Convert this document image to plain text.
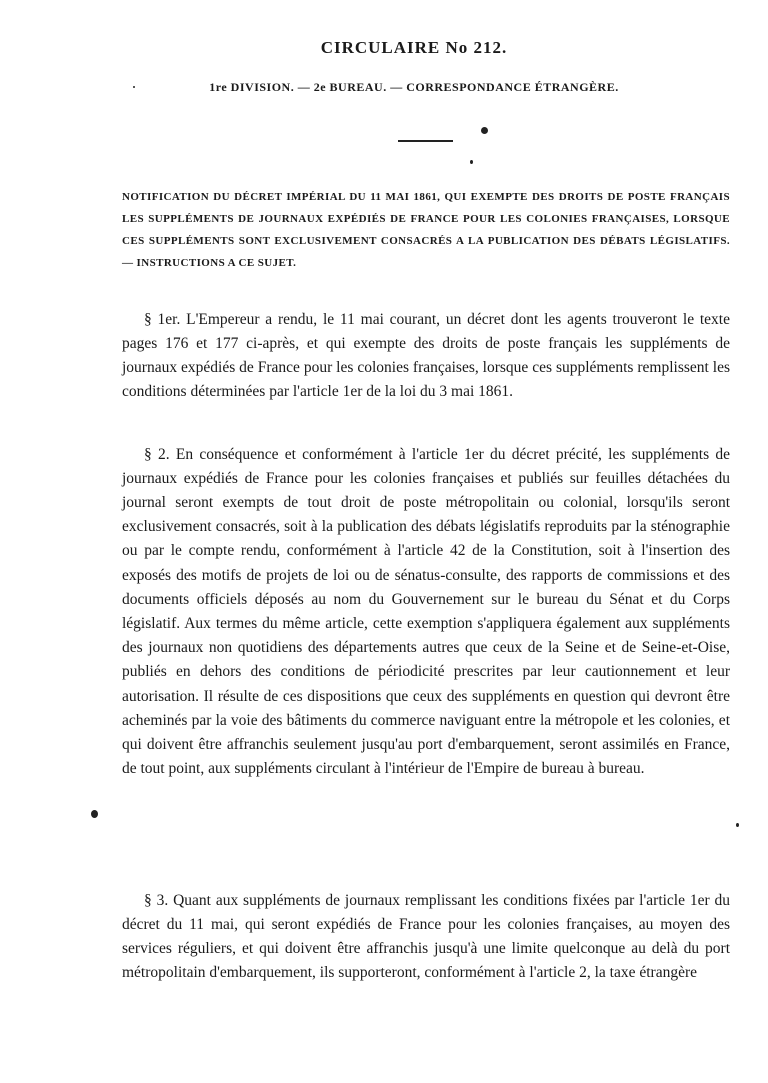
CIRCULAIRE No 212.
1re DIVISION. — 2e BUREAU. — CORRESPONDANCE ÉTRANGÈRE.
NOTIFICATION DU DÉCRET IMPÉRIAL DU 11 MAI 1861, QUI EXEMPTE DES DROITS DE POSTE FRANÇAIS LES SUPPLÉMENTS DE JOURNAUX EXPÉDIÉS DE FRANCE POUR LES COLONIES FRANÇAISES, LORSQUE CES SUPPLÉMENTS SONT EXCLUSIVEMENT CONSACRÉS A LA PUBLICATION DES DÉBATS LÉGISLATIFS. — INSTRUCTIONS A CE SUJET.

§ 1er. L'Empereur a rendu, le 11 mai courant, un décret dont les agents trouveront le texte pages 176 et 177 ci-après, et qui exempte des droits de poste français les suppléments de journaux expédiés de France pour les colonies françaises, lorsque ces suppléments remplissent les conditions déterminées par l'article 1er de la loi du 3 mai 1861.

§ 2. En conséquence et conformément à l'article 1er du décret précité, les suppléments de journaux expédiés de France pour les colonies françaises et publiés sur feuilles détachées du journal seront exempts de tout droit de poste métropolitain ou colonial, lorsqu'ils seront exclusivement consacrés, soit à la publication des débats législatifs reproduits par la sténographie ou par le compte rendu, conformément à l'article 42 de la Constitution, soit à l'insertion des exposés des motifs de projets de loi ou de sénatus-consulte, des rapports de commissions et des documents officiels déposés au nom du Gouvernement sur le bureau du Sénat et du Corps législatif. Aux termes du même article, cette exemption s'appliquera également aux suppléments des journaux non quotidiens des départements autres que ceux de la Seine et de Seine-et-Oise, publiés en dehors des conditions de périodicité prescrites par leur cautionnement et leur autorisation. Il résulte de ces dispositions que ceux des suppléments en question qui devront être acheminés par la voie des bâtiments du commerce naviguant entre la métropole et les colonies, et qui doivent être affranchis seulement jusqu'au port d'embarquement, seront assimilés en France, de tout point, aux suppléments circulant à l'intérieur de l'Empire de bureau à bureau.

§ 3. Quant aux suppléments de journaux remplissant les conditions fixées par l'article 1er du décret du 11 mai, qui seront expédiés de France pour les colonies françaises, au moyen des services réguliers, et qui doivent être affranchis jusqu'à une limite quelconque au delà du port métropolitain d'embarquement, ils supporteront, conformément à l'article 2, la taxe étrangère
